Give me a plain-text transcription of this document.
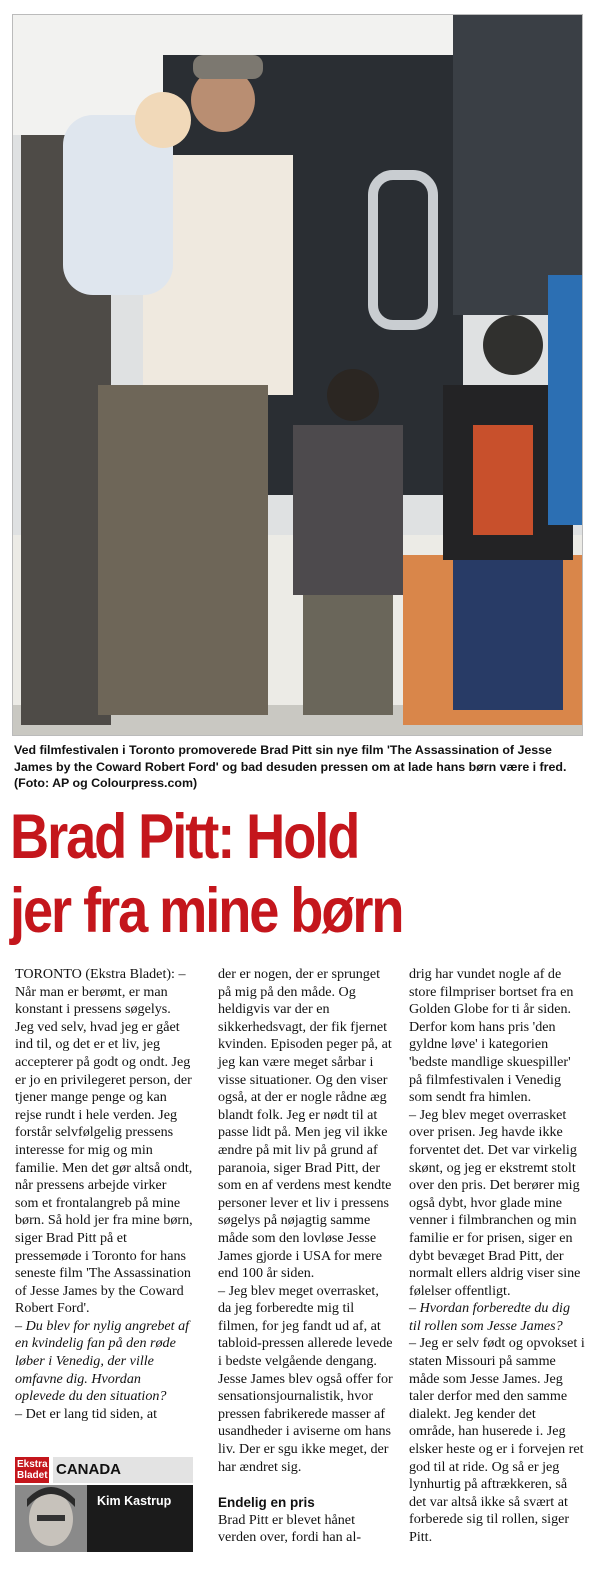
Ved filmfestivalen i Toronto promoverede Brad Pitt sin nye film 'The Assassination of Jesse James by the Coward Robert Ford' og bad desuden pressen om at lade hans børn være i fred. (Foto: AP og Colourpress.com)
Brad Pitt: Hold
jer fra mine børn

TORONTO (Ekstra Bladet): – Når man er berømt, er man konstant i pressens søgelys. Jeg ved selv, hvad jeg er gået ind til, og det er et liv, jeg accepterer på godt og ondt. Jeg er jo en privilegeret person, der tjener mange penge og kan rejse rundt i hele verden. Jeg forstår selvfølgelig pressens interesse for mig og min familie. Men det gør altså ondt, når pressens arbejde virker som et frontalangreb på mine børn. Så hold jer fra mine børn, siger Brad Pitt på et pressemøde i Toronto for hans seneste film 'The Assassination of Jesse James by the Coward Robert Ford'.

– Du blev for nylig angrebet af en kvindelig fan på den røde løber i Venedig, der ville omfavne dig. Hvordan oplevede du den situation?

– Det er lang tid siden, at

der er nogen, der er sprunget på mig på den måde. Og heldigvis var der en sikkerhedsvagt, der fik fjernet kvinden. Episoden peger på, at jeg kan være meget sårbar i visse situationer. Og den viser også, at der er nogle rådne æg blandt folk. Jeg er nødt til at passe lidt på. Men jeg vil ikke ændre på mit liv på grund af paranoia, siger Brad Pitt, der som en af verdens mest kendte personer lever et liv i pressens søgelys på nøjagtig samme måde som den lovløse Jesse James gjorde i USA for mere end 100 år siden.

– Jeg blev meget overrasket, da jeg forberedte mig til filmen, for jeg fandt ud af, at tabloid-pressen allerede levede i bedste velgående dengang. Jesse James blev også offer for sensationsjournalistik, hvor pressen fabrikerede masser af usandheder i aviserne om hans liv. Der er sgu ikke meget, der har ændret sig.

Endelig en pris

Brad Pitt er blevet hånet verden over, fordi han al-

drig har vundet nogle af de store filmpriser bortset fra en Golden Globe for ti år siden. Derfor kom hans pris 'den gyldne løve' i kategorien 'bedste mandlige skuespiller' på filmfestivalen i Venedig som sendt fra himlen.

– Jeg blev meget overrasket over prisen. Jeg havde ikke forventet det. Det var virkelig skønt, og jeg er ekstremt stolt over den pris. Det berører mig også dybt, hvor glade mine venner i filmbranchen og min familie er for prisen, siger en dybt bevæget Brad Pitt, der normalt ellers aldrig viser sine følelser offentligt.

– Hvordan forberedte du dig til rollen som Jesse James?

– Jeg er selv født og opvokset i staten Missouri på samme måde som Jesse James. Jeg taler derfor med den samme dialekt. Jeg kender det område, han huserede i. Jeg elsker heste og er i forvejen ret god til at ride. Og så er jeg lynhurtig på aftrækkeren, så det var altså ikke så svært at forberede sig til rollen, siger Pitt.

Ekstra
Bladet CANADA
Kim Kastrup
